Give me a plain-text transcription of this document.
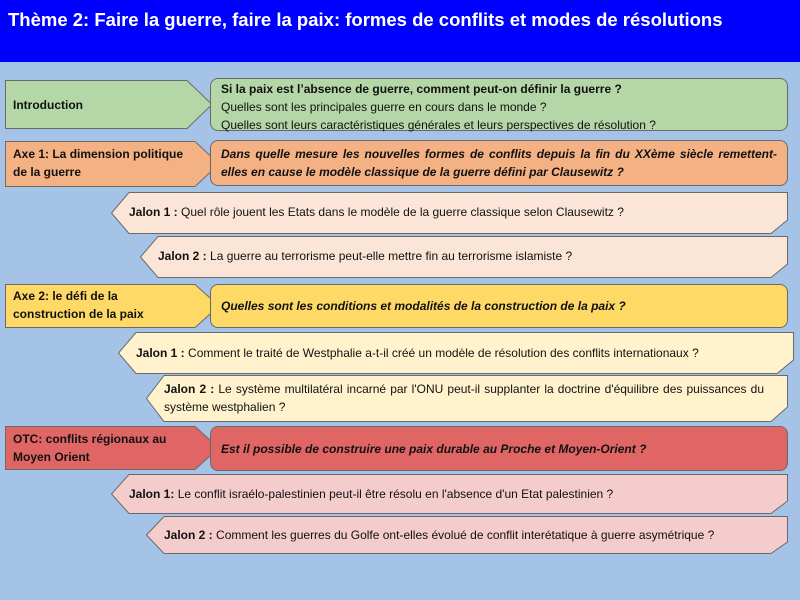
Thème 2: Faire la guerre, faire la paix: formes de conflits et modes de résolutions
Introduction
Si la paix est l’absence de guerre, comment peut-on définir la guerre ?
Quelles sont les principales guerre en cours dans le monde ?
Quelles sont leurs caractéristiques générales et leurs perspectives de résolution ?
Axe 1: La dimension politique
de la guerre
Dans quelle mesure les nouvelles formes de conflits depuis la fin du XXème siècle remettent-elles en cause le modèle classique de la guerre défini par Clausewitz ?
Jalon 1 : Quel rôle jouent les Etats dans le modèle de la guerre classique selon Clausewitz ?
Jalon 2 : La guerre au terrorisme peut-elle mettre fin au terrorisme islamiste ?
Axe 2: le défi de la
construction de la paix
Quelles sont les conditions et modalités de la construction de la paix ?
Jalon 1 : Comment le traité de Westphalie a-t-il créé un modèle de résolution des conflits internationaux ?
Jalon 2 : Le système multilatéral incarné par l'ONU peut-il supplanter la doctrine d'équilibre des puissances du système westphalien ?
OTC: conflits régionaux au
Moyen Orient
Est il possible de construire une paix durable au Proche et Moyen-Orient ?
Jalon 1: Le conflit israélo-palestinien peut-il être résolu en l'absence d'un Etat palestinien ?
Jalon 2 : Comment les guerres du Golfe ont-elles évolué de conflit interétatique à guerre asymétrique ?
